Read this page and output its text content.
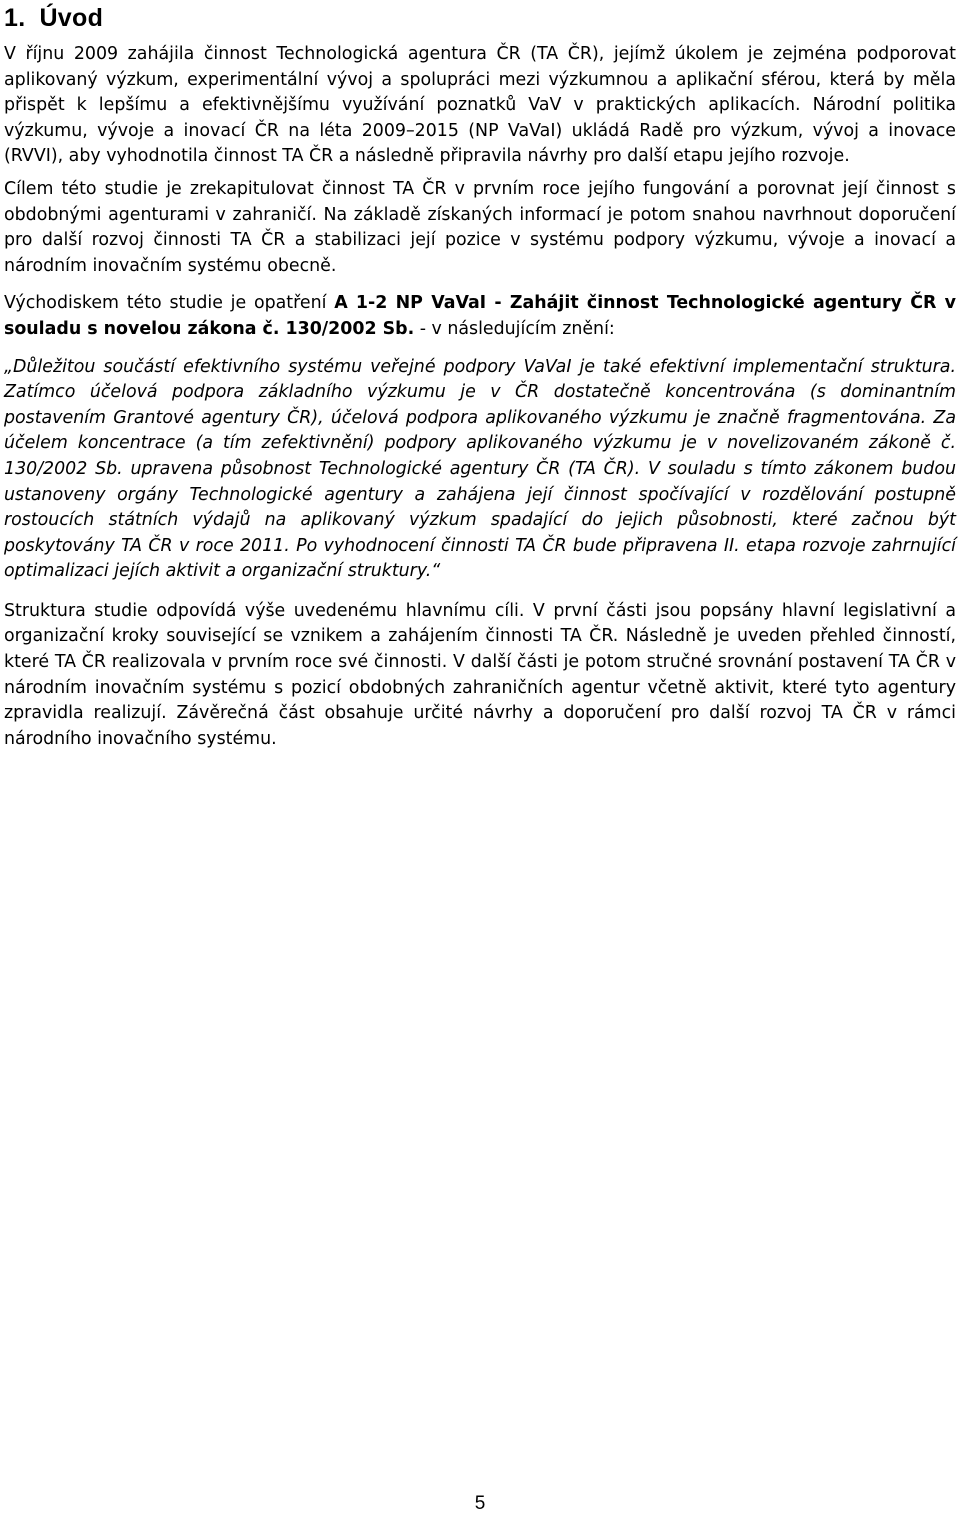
1. Úvod

V říjnu 2009 zahájila činnost Technologická agentura ČR (TA ČR), jejímž úkolem je zejména podporovat aplikovaný výzkum, experimentální vývoj a spolupráci mezi výzkumnou a aplikační sférou, která by měla přispět k lepšímu a efektivnějšímu využívání poznatků VaV v praktických aplikacích. Národní politika výzkumu, vývoje a inovací ČR na léta 2009–2015 (NP VaVaI) ukládá Radě pro výzkum, vývoj a inovace (RVVI), aby vyhodnotila činnost TA ČR a následně připravila návrhy pro další etapu jejího rozvoje.

Cílem této studie je zrekapitulovat činnost TA ČR v prvním roce jejího fungování a porovnat její činnost s obdobnými agenturami v zahraničí. Na základě získaných informací je potom snahou navrhnout doporučení pro další rozvoj činnosti TA ČR a stabilizaci její pozice v systému podpory výzkumu, vývoje a inovací a národním inovačním systému obecně.

Východiskem této studie je opatření A 1-2 NP VaVaI - Zahájit činnost Technologické agentury ČR v souladu s novelou zákona č. 130/2002 Sb. - v následujícím znění:

„Důležitou součástí efektivního systému veřejné podpory VaVaI je také efektivní implementační struktura. Zatímco účelová podpora základního výzkumu je v ČR dostatečně koncentrována (s dominantním postavením Grantové agentury ČR), účelová podpora aplikovaného výzkumu je značně fragmentována. Za účelem koncentrace (a tím zefektivnění) podpory aplikovaného výzkumu je v novelizovaném zákoně č. 130/2002 Sb. upravena působnost Technologické agentury ČR (TA ČR). V souladu s tímto zákonem budou ustanoveny orgány Technologické agentury a zahájena její činnost spočívající v rozdělování postupně rostoucích státních výdajů na aplikovaný výzkum spadající do jejich působnosti, které začnou být poskytovány TA ČR v roce 2011. Po vyhodnocení činnosti TA ČR bude připravena II. etapa rozvoje zahrnující optimalizaci jejích aktivit a organizační struktury.“

Struktura studie odpovídá výše uvedenému hlavnímu cíli. V první části jsou popsány hlavní legislativní a organizační kroky související se vznikem a zahájením činnosti TA ČR. Následně je uveden přehled činností, které TA ČR realizovala v prvním roce své činnosti. V další části je potom stručné srovnání postavení TA ČR v národním inovačním systému s pozicí obdobných zahraničních agentur včetně aktivit, které tyto agentury zpravidla realizují. Závěrečná část obsahuje určité návrhy a doporučení pro další rozvoj TA ČR v rámci národního inovačního systému.

5
